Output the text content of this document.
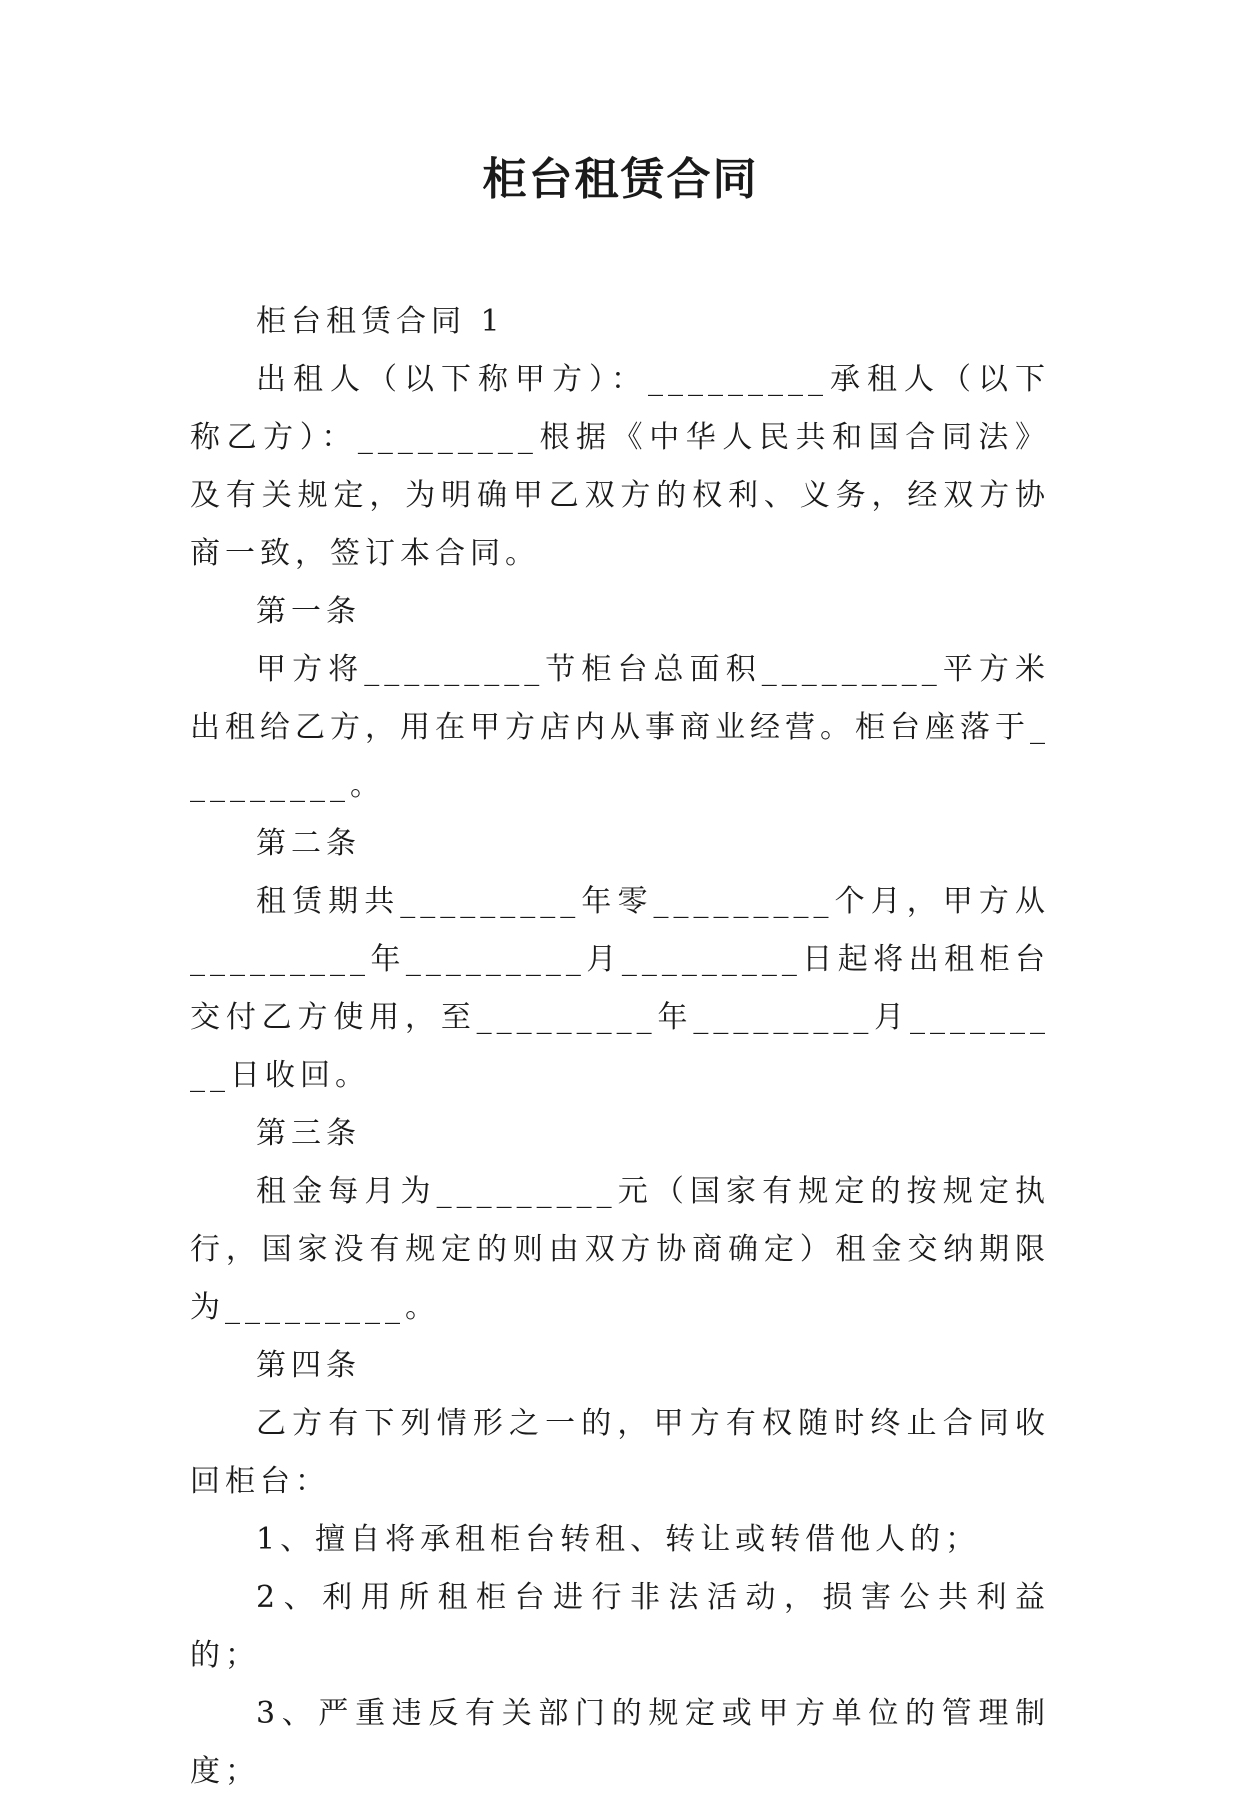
柜台租赁合同

柜台租赁合同 1

出租人（以下称甲方）：_________承租人（以下称乙方）：_________根据《中华人民共和国合同法》及有关规定，为明确甲乙双方的权利、义务，经双方协商一致，签订本合同。

第一条

甲方将_________节柜台总面积_________平方米出租给乙方，用在甲方店内从事商业经营。柜台座落于_________。

第二条

租赁期共_________年零_________个月，甲方从_________年_________月_________日起将出租柜台交付乙方使用，至_________年_________月_________日收回。

第三条

租金每月为_________元（国家有规定的按规定执行，国家没有规定的则由双方协商确定）租金交纳期限为_________。

第四条

乙方有下列情形之一的，甲方有权随时终止合同收回柜台：

1、擅自将承租柜台转租、转让或转借他人的；

2、利用所租柜台进行非法活动，损害公共利益的；

3、严重违反有关部门的规定或甲方单位的管理制度；
